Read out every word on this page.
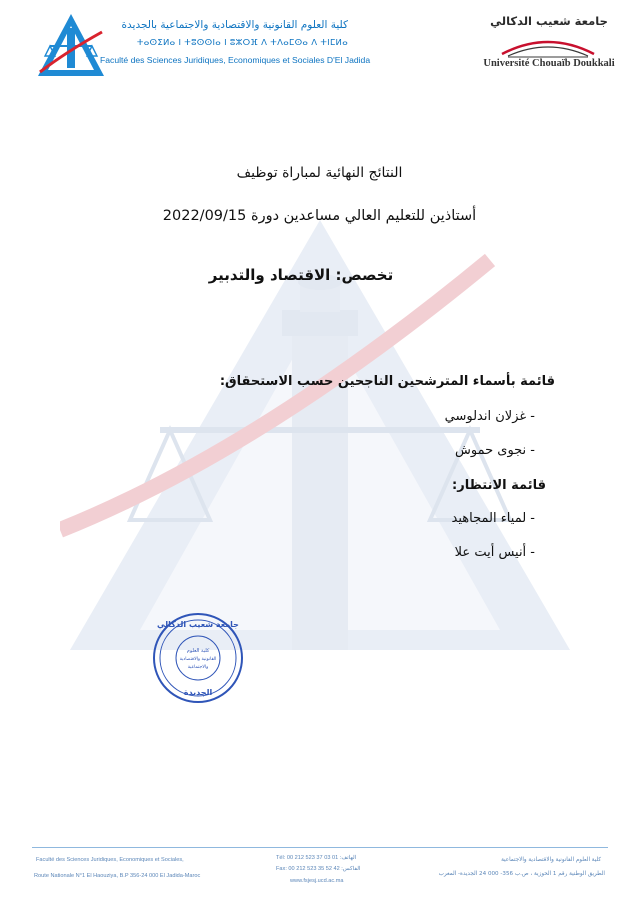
كلية العلوم القانونية والاقتصادية والاجتماعية بالجديدة
ⵜⴰⵙⵉⵍⴰ ⵏ ⵜⵓⵙⵙⵏⴰ ⵏ ⵓⵣⵔⴼ ⴷ ⵜⴷⴰⵎⵙⴰ ⴷ ⵜⵏⵎⵍⴰ
Faculté des Sciences Juridiques, Economiques et Sociales D'El Jadida
جامعة شعيب الدكالي
Université Chouaïb Doukkali
النتائج النهائية لمباراة توظيف
أستاذين للتعليم العالي مساعدين دورة 2022/09/15
تخصص: الاقتصاد والتدبير
قائمة بأسماء المترشحين الناجحين حسب الاستحقاق:
- غزلان اندلوسي
- نجوى حموش
قائمة الانتظار:
- لمياء المجاهيد
- أنيس أيت علا
جامعة شعيب الدكالي
كلية العلوم
القانونية والاقتصادية
والاجتماعية
الجديدة
Faculté des Sciences Juridiques, Economiques et Sociales,
Route Nationale N°1 El Haouziya, B.P 356-24 000 El Jadida-Maroc
Tél: 00 212 523 37 03 01 :الهاتف
Fax: 00 212 523 35 52 42 :الفاكس
www.fsjesj.ucd.ac.ma
كلية العلوم القانونية والاقتصادية والاجتماعية
الطريق الوطنية رقم 1 الحوزية ، ص.ب 356- 000 24 الجديدة- المغرب
